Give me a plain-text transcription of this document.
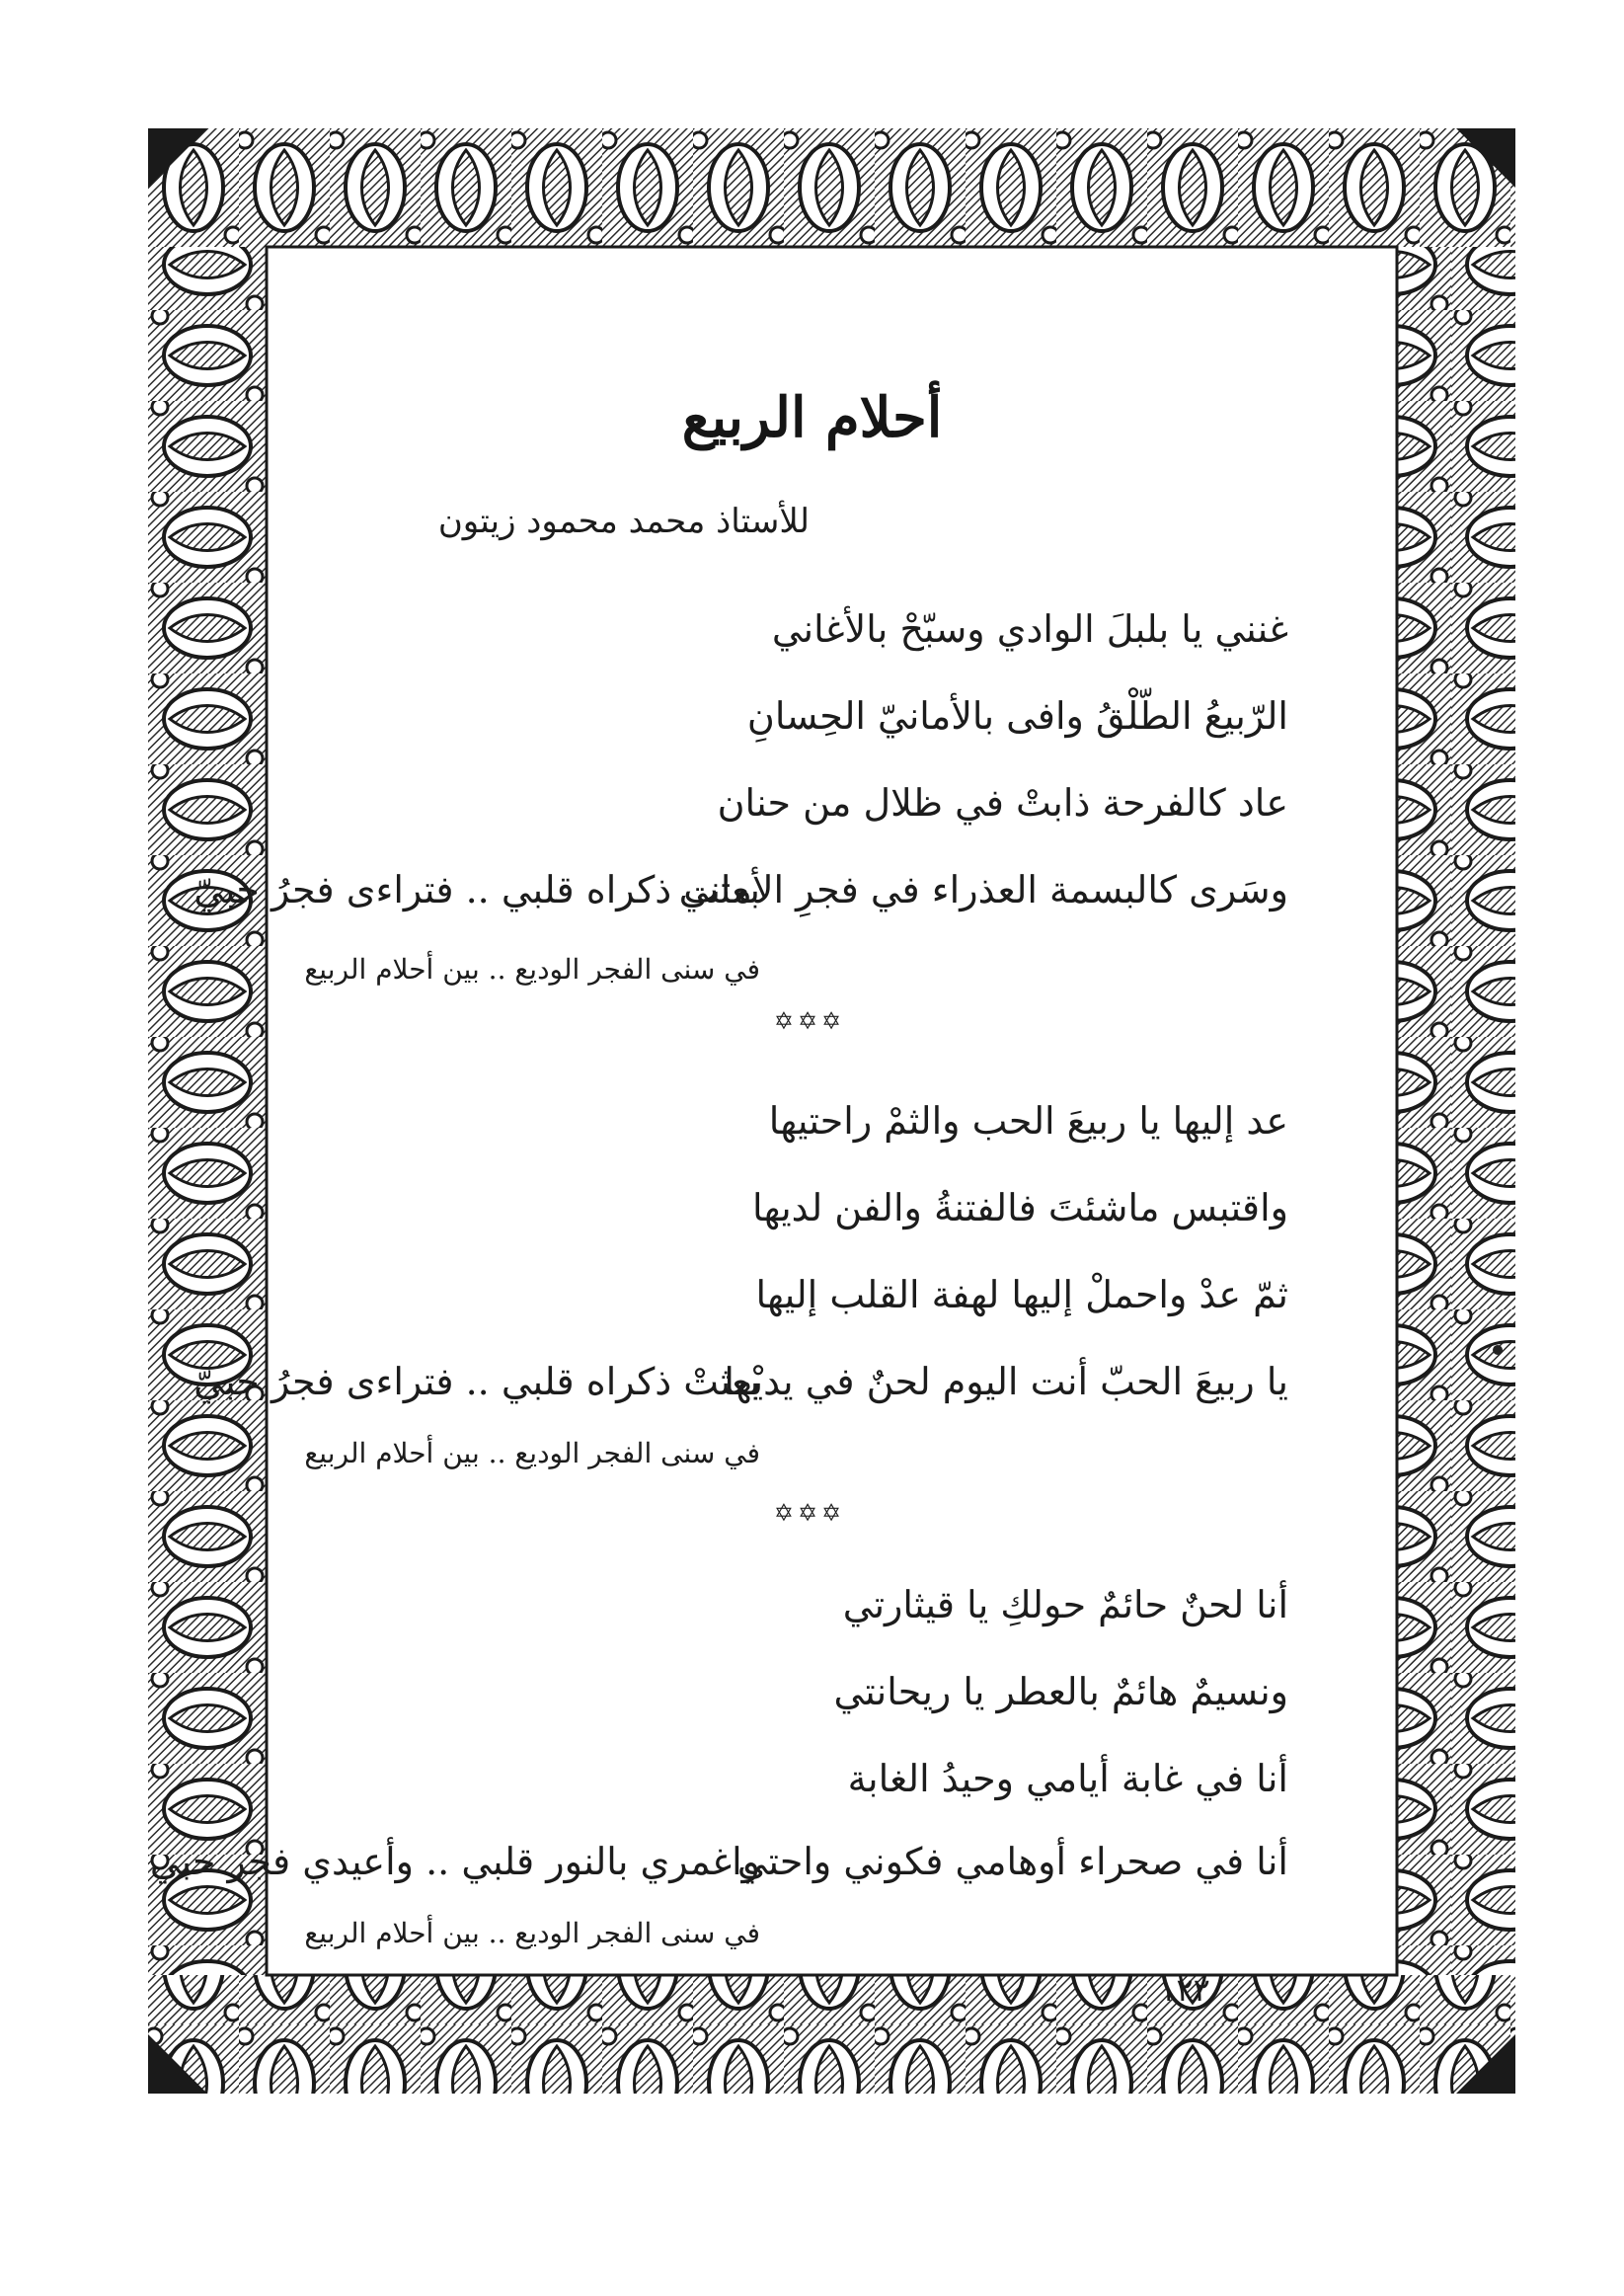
أحلام الربيع
للأستاذ محمد محمود زيتون
غنني يا بلبلَ الوادي وسبّحْ بالأغاني
الرّبيعُ الطّلْقُ وافى بالأمانيّ الحِسانِ
عاد كالفرحة ذابتْ في ظلال من حنان
وسَرى كالبسمة العذراء في فجرِ الأماني
بعثت ذكراه قلبي .. فتراءى فجرُ حبيّ
في سنى الفجر الوديع .. بين أحلام الربيع
✡✡✡
عد إليها يا ربيعَ الحب والثمْ راحتيها
واقتبس ماشئتَ فالفتنةُ والفن لديها
ثمّ عدْ واحملْ إليها لهفة القلب إليها
يا ربيعَ الحبّ أنت اليوم لحنٌ في يديْها
بعثتْ ذكراه قلبي .. فتراءى فجرُ حبيّ
في سنى الفجر الوديع .. بين أحلام الربيع
✡✡✡
أنا لحنٌ حائمٌ حولكِ يا قيثارتي
ونسيمٌ هائمٌ بالعطر يا ريحانتي
أنا في غابة أيامي وحيدُ الغابة
أنا في صحراء أوهامي فكوني واحتي
واغمري بالنور قلبي .. وأعيدي فجر حبي
في سنى الفجر الوديع .. بين أحلام الربيع
١٢٢
